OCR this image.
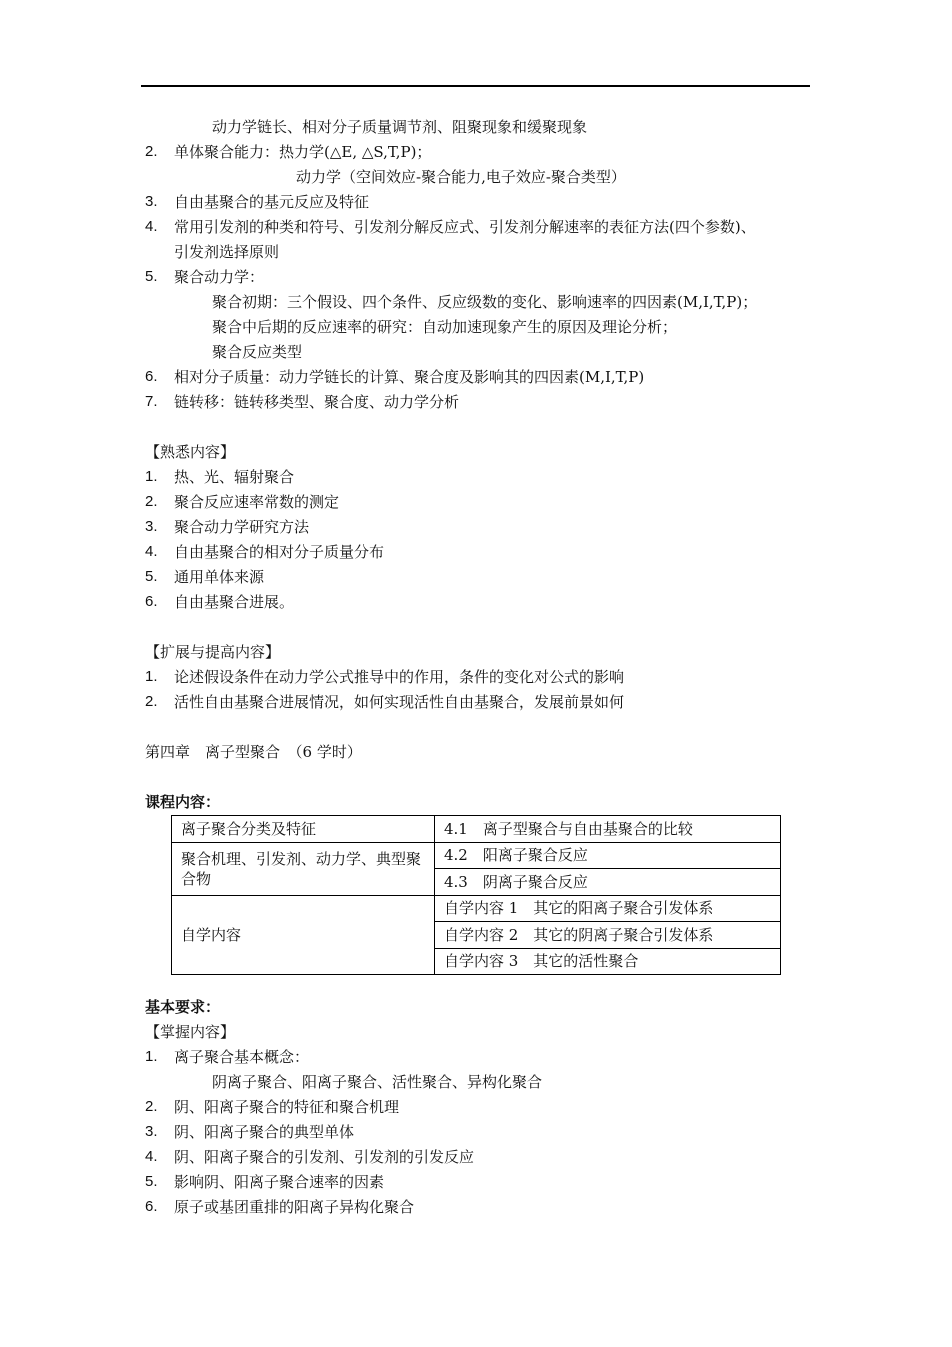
动力学链长、相对分子质量调节剂、阻聚现象和缓聚现象
2. 单体聚合能力：热力学(△E, △S,T,P)；
动力学（空间效应-聚合能力,电子效应-聚合类型）
3. 自由基聚合的基元反应及特征
4. 常用引发剂的种类和符号、引发剂分解反应式、引发剂分解速率的表征方法(四个参数)、
引发剂选择原则
5. 聚合动力学：
聚合初期：三个假设、四个条件、反应级数的变化、影响速率的四因素(M,I,T,P)；
聚合中后期的反应速率的研究：自动加速现象产生的原因及理论分析；
聚合反应类型
6. 相对分子质量：动力学链长的计算、聚合度及影响其的四因素(M,I,T,P)
7. 链转移：链转移类型、聚合度、动力学分析
【熟悉内容】
1. 热、光、辐射聚合
2. 聚合反应速率常数的测定
3. 聚合动力学研究方法
4. 自由基聚合的相对分子质量分布
5. 通用单体来源
6. 自由基聚合进展。
【扩展与提高内容】
1. 论述假设条件在动力学公式推导中的作用，条件的变化对公式的影响
2. 活性自由基聚合进展情况，如何实现活性自由基聚合，发展前景如何
第四章　离子型聚合　（6 学时）
课程内容：
离子聚合分类及特征	4.1　离子型聚合与自由基聚合的比较
聚合机理、引发剂、动力学、典型聚合物	4.2　阳离子聚合反应
	4.3　阴离子聚合反应
自学内容	自学内容 1　其它的阳离子聚合引发体系
	自学内容 2　其它的阴离子聚合引发体系
	自学内容 3　其它的活性聚合
基本要求：
【掌握内容】
1. 离子聚合基本概念：
阴离子聚合、阳离子聚合、活性聚合、异构化聚合
2. 阴、阳离子聚合的特征和聚合机理
3. 阴、阳离子聚合的典型单体
4. 阴、阳离子聚合的引发剂、引发剂的引发反应
5. 影响阴、阳离子聚合速率的因素
6. 原子或基团重排的阳离子异构化聚合
